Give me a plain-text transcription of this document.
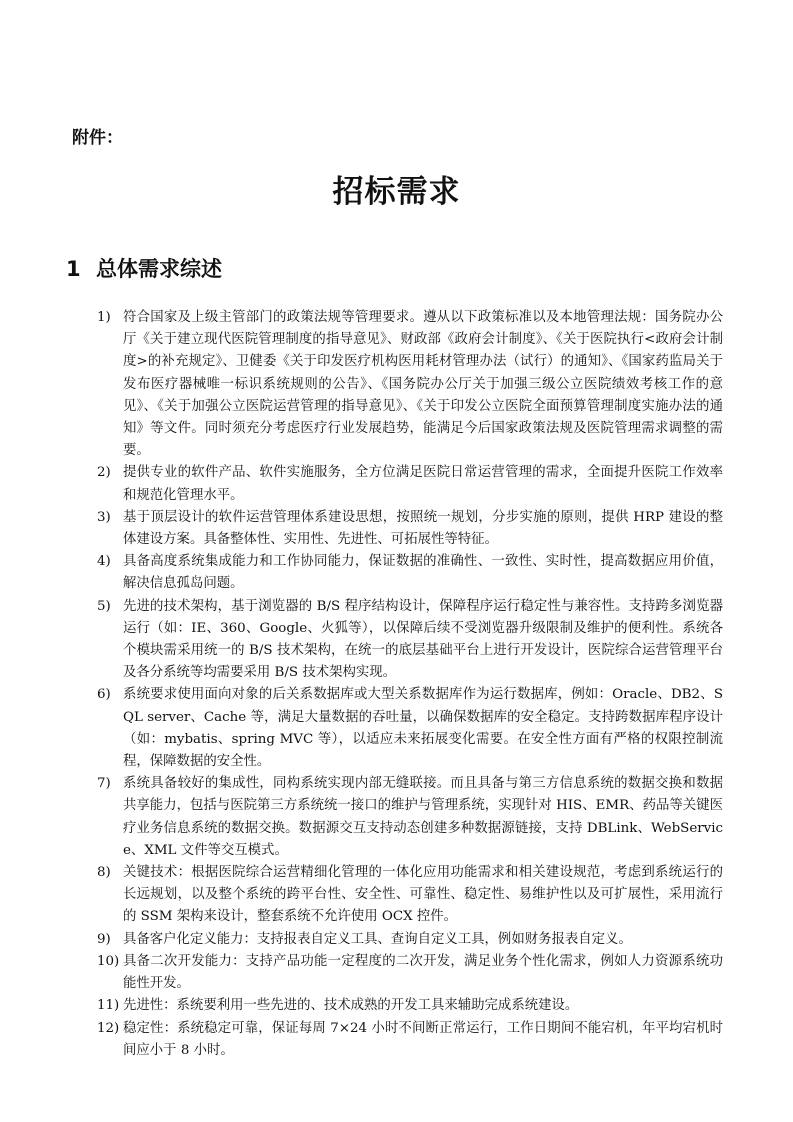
附件：
招标需求
1 总体需求综述
1) 符合国家及上级主管部门的政策法规等管理要求。遵从以下政策标准以及本地管理法规：国务院办公厅《关于建立现代医院管理制度的指导意见》、财政部《政府会计制度》、《关于医院执行<政府会计制度>的补充规定》、卫健委《关于印发医疗机构医用耗材管理办法（试行）的通知》、《国家药监局关于发布医疗器械唯一标识系统规则的公告》、《国务院办公厅关于加强三级公立医院绩效考核工作的意见》、《关于加强公立医院运营管理的指导意见》、《关于印发公立医院全面预算管理制度实施办法的通知》等文件。同时须充分考虑医疗行业发展趋势，能满足今后国家政策法规及医院管理需求调整的需要。
2) 提供专业的软件产品、软件实施服务，全方位满足医院日常运营管理的需求，全面提升医院工作效率和规范化管理水平。
3) 基于顶层设计的软件运营管理体系建设思想，按照统一规划，分步实施的原则，提供 HRP 建设的整体建设方案。具备整体性、实用性、先进性、可拓展性等特征。
4) 具备高度系统集成能力和工作协同能力，保证数据的准确性、一致性、实时性，提高数据应用价值，解决信息孤岛问题。
5) 先进的技术架构，基于浏览器的 B/S 程序结构设计，保障程序运行稳定性与兼容性。支持跨多浏览器运行（如：IE、360、Google、火狐等），以保障后续不受浏览器升级限制及维护的便利性。系统各个模块需采用统一的 B/S 技术架构，在统一的底层基础平台上进行开发设计，医院综合运营管理平台及各分系统等均需要采用 B/S 技术架构实现。
6) 系统要求使用面向对象的后关系数据库或大型关系数据库作为运行数据库，例如：Oracle、DB2、SQL server、Cache 等，满足大量数据的吞吐量，以确保数据库的安全稳定。支持跨数据库程序设计（如：mybatis、spring MVC 等），以适应未来拓展变化需要。在安全性方面有严格的权限控制流程，保障数据的安全性。
7) 系统具备较好的集成性，同构系统实现内部无缝联接。而且具备与第三方信息系统的数据交换和数据共享能力，包括与医院第三方系统统一接口的维护与管理系统，实现针对 HIS、EMR、药品等关键医疗业务信息系统的数据交换。数据源交互支持动态创建多种数据源链接，支持 DBLink、WebService、XML 文件等交互模式。
8) 关键技术：根据医院综合运营精细化管理的一体化应用功能需求和相关建设规范，考虑到系统运行的长远规划，以及整个系统的跨平台性、安全性、可靠性、稳定性、易维护性以及可扩展性，采用流行的 SSM 架构来设计，整套系统不允许使用 OCX 控件。
9) 具备客户化定义能力：支持报表自定义工具、查询自定义工具，例如财务报表自定义。
10) 具备二次开发能力：支持产品功能一定程度的二次开发，满足业务个性化需求，例如人力资源系统功能性开发。
11) 先进性：系统要利用一些先进的、技术成熟的开发工具来辅助完成系统建设。
12) 稳定性：系统稳定可靠，保证每周 7×24 小时不间断正常运行，工作日期间不能宕机，年平均宕机时间应小于 8 小时。
